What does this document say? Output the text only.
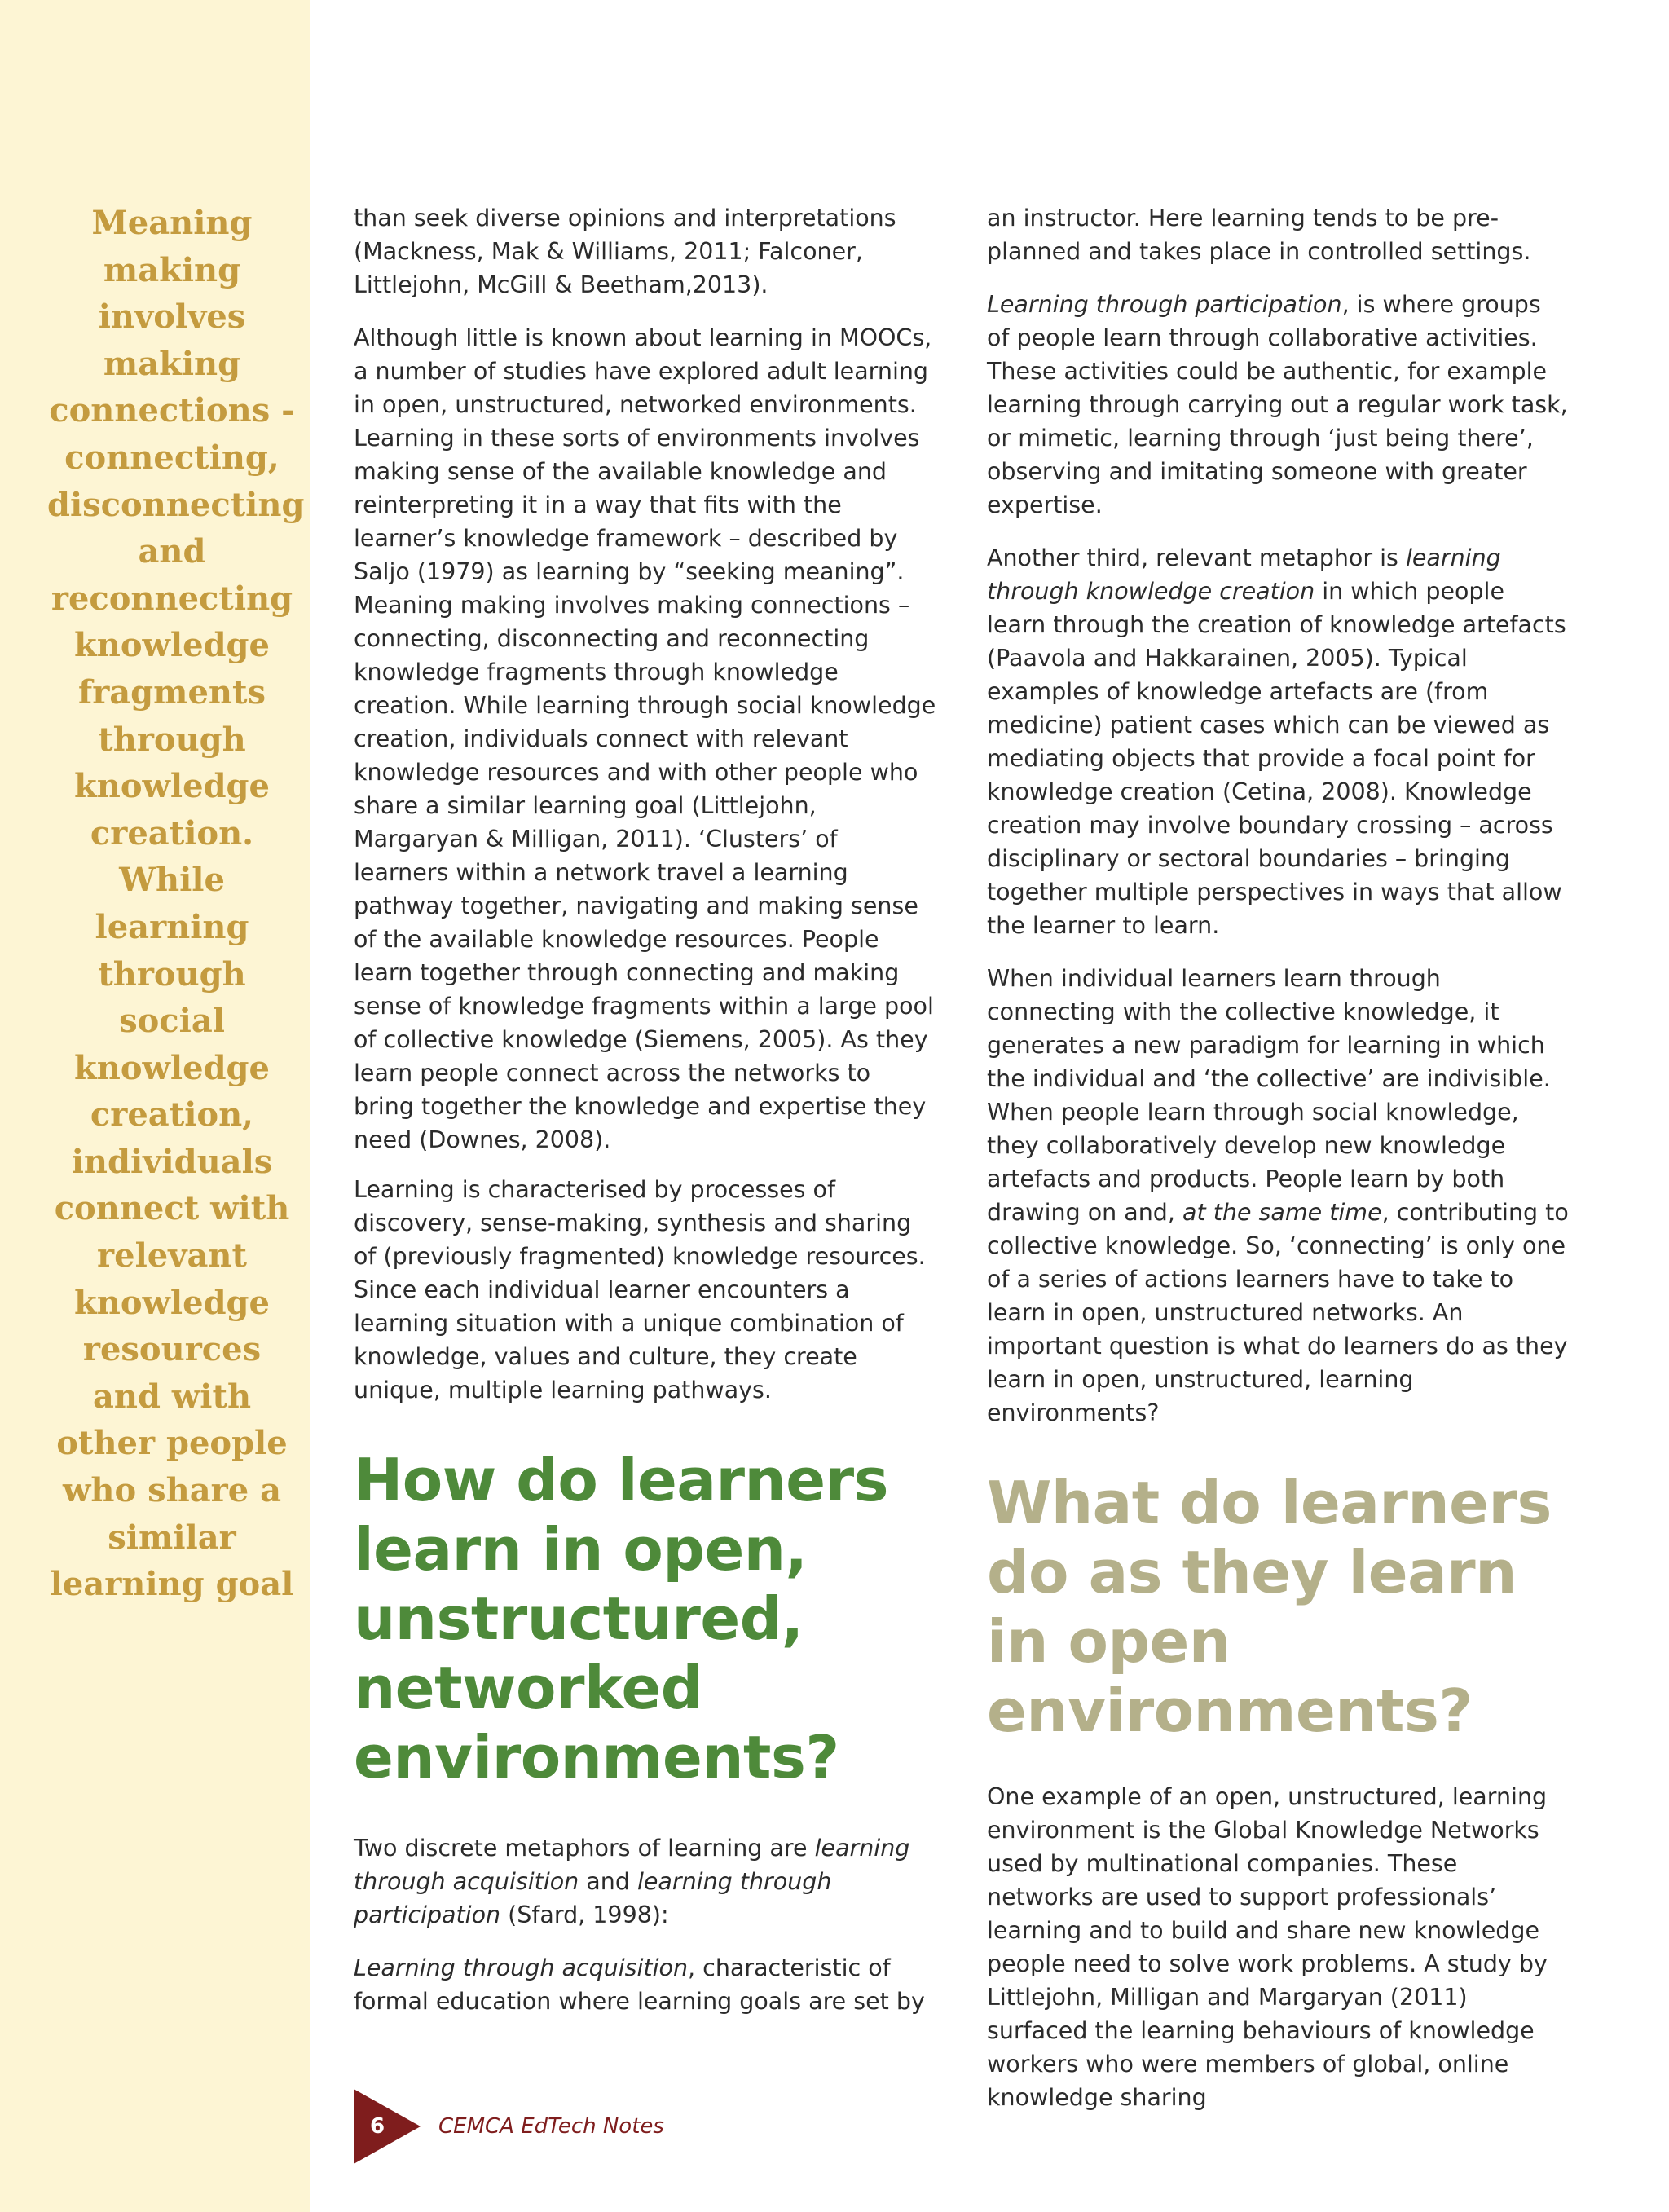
Meaning making involves making connections - connecting, disconnecting and reconnecting knowledge fragments through knowledge creation. While learning through social knowledge creation, individuals connect with relevant knowledge resources and with other people who share a similar learning goal

than seek diverse opinions and interpretations (Mackness, Mak & Williams, 2011; Falconer, Littlejohn, McGill & Beetham,2013).

Although little is known about learning in MOOCs, a number of studies have explored adult learning in open, unstructured, networked environments. Learning in these sorts of environments involves making sense of the available knowledge and reinterpreting it in a way that fits with the learner’s knowledge framework – described by Saljo (1979) as learning by “seeking meaning”. Meaning making involves making connections – connecting, disconnecting and reconnecting knowledge fragments through knowledge creation. While learning through social knowledge creation, individuals connect with relevant knowledge resources and with other people who share a similar learning goal (Littlejohn, Margaryan & Milligan, 2011). ‘Clusters’ of learners within a network travel a learning pathway together, navigating and making sense of the available knowledge resources. People learn together through connecting and making sense of knowledge fragments within a large pool of collective knowledge (Siemens, 2005). As they learn people connect across the networks to bring together the knowledge and expertise they need (Downes, 2008).

Learning is characterised by processes of discovery, sense-making, synthesis and sharing of (previously fragmented) knowledge resources. Since each individual learner encounters a learning situation with a unique combination of knowledge, values and culture, they create unique, multiple learning pathways.

How do learners learn in open, unstructured, networked environments?

Two discrete metaphors of learning are learning through acquisition and learning through participation (Sfard, 1998):

Learning through acquisition, characteristic of formal education where learning goals are set by

an instructor. Here learning tends to be pre-planned and takes place in controlled settings.

Learning through participation, is where groups of people learn through collaborative activities. These activities could be authentic, for example learning through carrying out a regular work task, or mimetic, learning through ‘just being there’, observing and imitating someone with greater expertise.

Another third, relevant metaphor is learning through knowledge creation in which people learn through the creation of knowledge artefacts (Paavola and Hakkarainen, 2005). Typical examples of knowledge artefacts are (from medicine) patient cases which can be viewed as mediating objects that provide a focal point for knowledge creation (Cetina, 2008). Knowledge creation may involve boundary crossing – across disciplinary or sectoral boundaries – bringing together multiple perspectives in ways that allow the learner to learn.

When individual learners learn through connecting with the collective knowledge, it generates a new paradigm for learning in which the individual and ‘the collective’ are indivisible. When people learn through social knowledge, they collaboratively develop new knowledge artefacts and products. People learn by both drawing on and, at the same time, contributing to collective knowledge. So, ‘connecting’ is only one of a series of actions learners have to take to learn in open, unstructured networks. An important question is what do learners do as they learn in open, unstructured, learning environments?

What do learners do as they learn in open environments?

One example of an open, unstructured, learning environment is the Global Knowledge Networks used by multinational companies. These networks are used to support professionals’ learning and to build and share new knowledge people need to solve work problems. A study by Littlejohn, Milligan and Margaryan (2011) surfaced the learning behaviours of knowledge workers who were members of global, online knowledge sharing

6	CEMCA EdTech Notes
